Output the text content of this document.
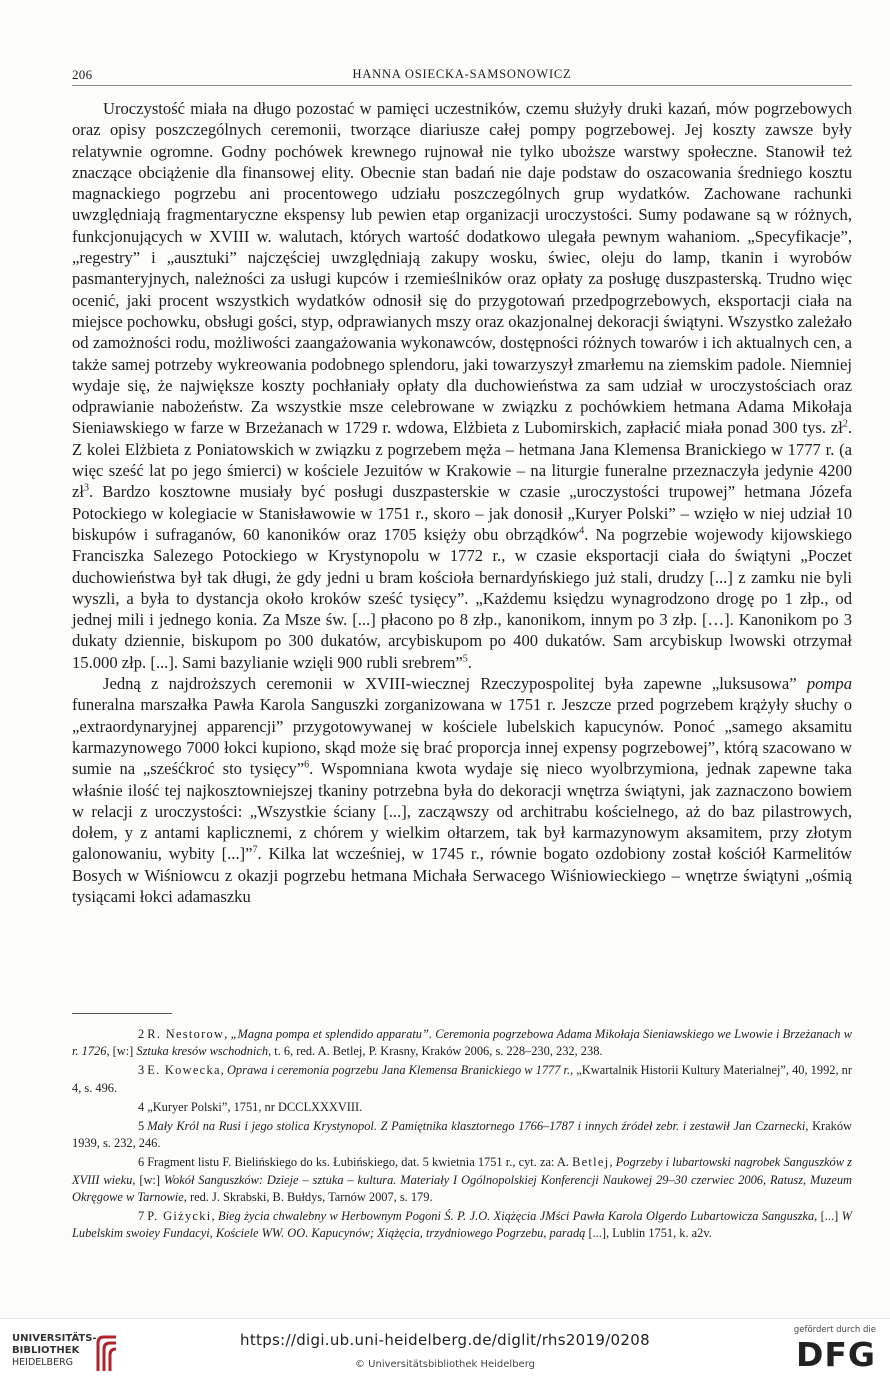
206	HANNA OSIECKA-SAMSONOWICZ

Uroczystość miała na długo pozostać w pamięci uczestników, czemu służyły druki kazań, mów pogrzebowych oraz opisy poszczególnych ceremonii, tworzące diariusze całej pompy pogrzebowej. Jej koszty zawsze były relatywnie ogromne. Godny pochówek krewnego rujnował nie tylko uboższe warstwy społeczne. Stanowił też znaczące obciążenie dla finansowej elity. Obecnie stan badań nie daje podstaw do oszacowania średniego kosztu magnackiego pogrzebu ani procentowego udziału poszczególnych grup wydatków. Zachowane rachunki uwzględniają fragmentaryczne ekspensy lub pewien etap organizacji uroczystości. Sumy podawane są w różnych, funkcjonujących w XVIII w. walutach, których wartość dodatkowo ulegała pewnym wahaniom. „Specyfikacje”, „regestry” i „ausztuki” najczęściej uwzględniają zakupy wosku, świec, oleju do lamp, tkanin i wyrobów pasmanteryjnych, należności za usługi kupców i rzemieślników oraz opłaty za posługę duszpasterską. Trudno więc ocenić, jaki procent wszystkich wydatków odnosił się do przygotowań przedpogrzebowych, eksportacji ciała na miejsce pochowku, obsługi gości, styp, odprawianych mszy oraz okazjonalnej dekoracji świątyni. Wszystko zależało od zamożności rodu, możliwości zaangażowania wykonawców, dostępności różnych towarów i ich aktualnych cen, a także samej potrzeby wykreowania podobnego splendoru, jaki towarzyszył zmarłemu na ziemskim padole. Niemniej wydaje się, że największe koszty pochłaniały opłaty dla duchowieństwa za sam udział w uroczystościach oraz odprawianie nabożeństw. Za wszystkie msze celebrowane w związku z pochówkiem hetmana Adama Mikołaja Sieniawskiego w farze w Brzeżanach w 1729 r. wdowa, Elżbieta z Lubomirskich, zapłacić miała ponad 300 tys. $zł^2$. Z kolei Elżbieta z Poniatowskich w związku z pogrzebem męża – hetmana Jana Klemensa Branickiego w 1777 r. (a więc sześć lat po jego śmierci) w kościele Jezuitów w Krakowie – na liturgie funeralne przeznaczyła jedynie 4200 $zł^3$. Bardzo kosztowne musiały być posługi duszpasterskie w czasie „uroczystości trupowej” hetmana Józefa Potockiego w kolegiacie w Stanisławowie w 1751 r., skoro – jak donosił „Kuryer Polski” – wzięło w niej udział 10 biskupów i sufraganów, 60 kanoników oraz 1705 księży obu obrządków$^4$. Na pogrzebie wojewody kijowskiego Franciszka Salezego Potockiego w Krystynopolu w 1772 r., w czasie eksportacji ciała do świątyni „Poczet duchowieństwa był tak długi, że gdy jedni u bram kościoła bernardyńskiego już stali, drudzy [...] z zamku nie byli wyszli, a była to dystancja około kroków sześć tysięcy”. „Każdemu księdzu wynagrodzono drogę po 1 złp., od jednej mili i jednego konia. Za Msze św. [...] płacono po 8 złp., kanonikom, innym po 3 złp. […]. Kanonikom po 3 dukaty dziennie, biskupom po 300 dukatów, arcybiskupom po 400 dukatów. Sam arcybiskup lwowski otrzymał 15.000 złp. [...]. Sami bazylianie wzięli 900 rubli srebrem”$^5$.

Jedną z najdroższych ceremonii w XVIII-wiecznej Rzeczypospolitej była zapewne „luksusowa” pompa funeralna marszałka Pawła Karola Sanguszki zorganizowana w 1751 r. Jeszcze przed pogrzebem krążyły słuchy o „extraordynaryjnej apparencji” przygotowywanej w kościele lubelskich kapucynów. Ponoć „samego aksamitu karmazynowego 7000 łokci kupiono, skąd może się brać proporcja innej expensy pogrzebowej”, którą szacowano w sumie na „sześćkroć sto tysięcy”$^6$. Wspomniana kwota wydaje się nieco wyolbrzymiona, jednak zapewne taka właśnie ilość tej najkosztowniejszej tkaniny potrzebna była do dekoracji wnętrza świątyni, jak zaznaczono bowiem w relacji z uroczystości: „Wszystkie ściany [...], zacząwszy od architrabu kościelnego, aż do baz pilastrowych, dołem, y z antami kaplicznemi, z chórem y wielkim ołtarzem, tak był karmazynowym aksamitem, przy złotym galonowaniu, wybity [...]”$^7$. Kilka lat wcześniej, w 1745 r., równie bogato ozdobiony został kościół Karmelitów Bosych w Wiśniowcu z okazji pogrzebu hetmana Michała Serwacego Wiśniowieckiego – wnętrze świątyni „ośmią tysiącami łokci adamaszku

2 R. Nestorow, „Magna pompa et splendido apparatu”. Ceremonia pogrzebowa Adama Mikołaja Sieniawskiego we Lwowie i Brzeżanach w r. 1726, [w:] Sztuka kresów wschodnich, t. 6, red. A. Betlej, P. Krasny, Kraków 2006, s. 228–230, 232, 238.

3 E. Kowecka, Oprawa i ceremonia pogrzebu Jana Klemensa Branickiego w 1777 r., „Kwartalnik Historii Kultury Materialnej”, 40, 1992, nr 4, s. 496.

4 „Kuryer Polski”, 1751, nr DCCLXXXVIII.

5 Mały Król na Rusi i jego stolica Krystynopol. Z Pamiętnika klasztornego 1766–1787 i innych źródeł zebr. i zestawił Jan Czarnecki, Kraków 1939, s. 232, 246.

6 Fragment listu F. Bielińskiego do ks. Łubińskiego, dat. 5 kwietnia 1751 r., cyt. za: A. Betlej, Pogrzeby i lubartowski nagrobek Sanguszków z XVIII wieku, [w:] Wokół Sanguszków: Dzieje – sztuka – kultura. Materiały I Ogólnopolskiej Konferencji Naukowej 29–30 czerwiec 2006, Ratusz, Muzeum Okręgowe w Tarnowie, red. J. Skrabski, B. Bułdys, Tarnów 2007, s. 179.

7 P. Giżycki, Bieg życia chwalebny w Herbownym Pogoni Ś. P. J.O. Xiążęcia JMści Pawła Karola Olgerdo Lubartowicza Sanguszka, [...] W Lubelskim swoiey Fundacyi, Kościele WW. OO. Kapucynów; Xiążęcia, trzydniowego Pogrzebu, paradą [...], Lublin 1751, k. a2v.

UNIVERSITÄTS-
BIBLIOTHEK
HEIDELBERG
https://digi.ub.uni-heidelberg.de/diglit/rhs2019/0208
© Universitätsbibliothek Heidelberg
gefördert durch die
DFG
